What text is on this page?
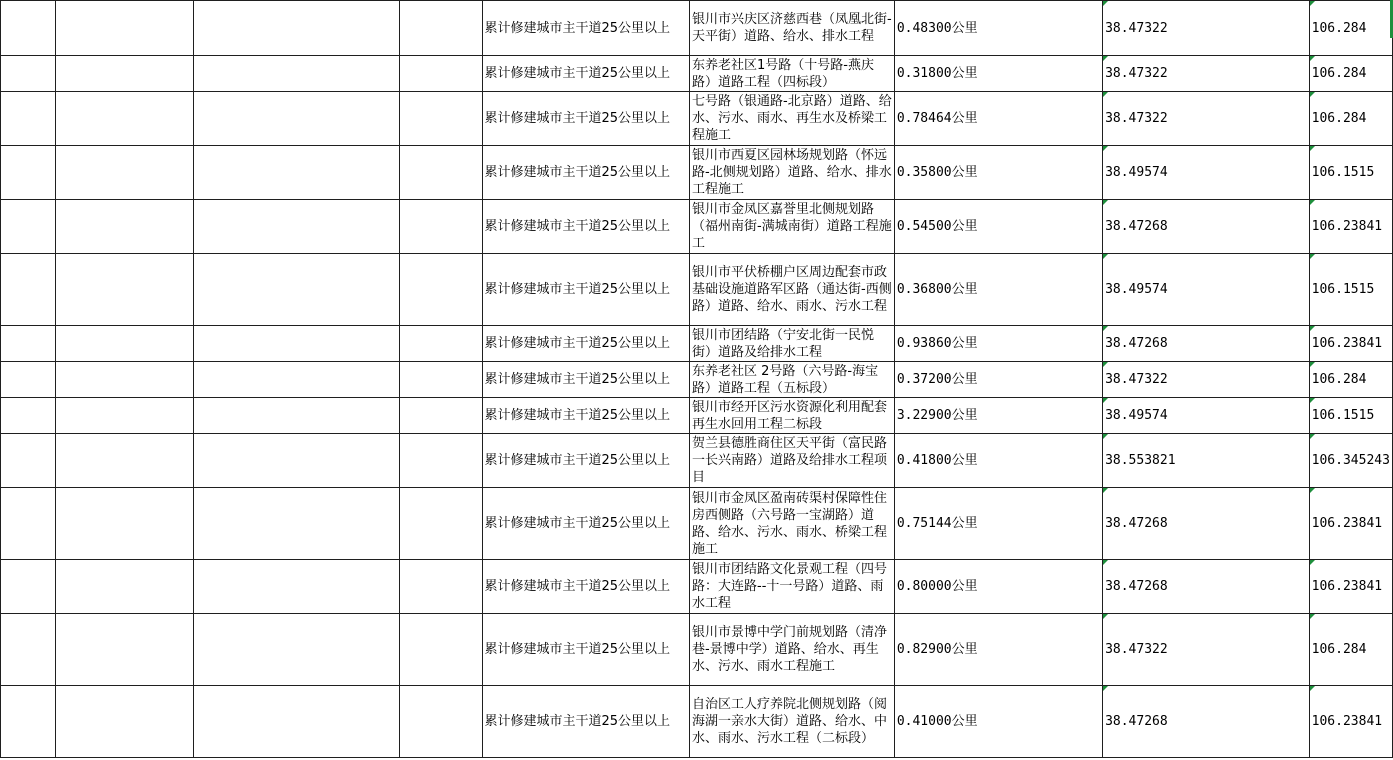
				累计修建城市主干道25公里以上	银川市兴庆区济慈西巷（凤凰北街-天平街）道路、给水、排水工程	0.48300公里	38.47322	106.284
				累计修建城市主干道25公里以上	东养老社区1号路（十号路-燕庆路）道路工程（四标段）	0.31800公里	38.47322	106.284
				累计修建城市主干道25公里以上	七号路（银通路-北京路）道路、给水、污水、雨水、再生水及桥梁工程施工	0.78464公里	38.47322	106.284
				累计修建城市主干道25公里以上	银川市西夏区园林场规划路（怀远路-北侧规划路）道路、给水、排水工程施工	0.35800公里	38.49574	106.1515
				累计修建城市主干道25公里以上	银川市金凤区嘉誉里北侧规划路（福州南街-满城南街）道路工程施工	0.54500公里	38.47268	106.23841
				累计修建城市主干道25公里以上	银川市平伏桥棚户区周边配套市政基础设施道路军区路（通达街-西侧路）道路、给水、雨水、污水工程	0.36800公里	38.49574	106.1515
				累计修建城市主干道25公里以上	银川市团结路（宁安北街一民悦街）道路及给排水工程	0.93860公里	38.47268	106.23841
				累计修建城市主干道25公里以上	东养老社区 2号路（六号路-海宝路）道路工程（五标段）	0.37200公里	38.47322	106.284
				累计修建城市主干道25公里以上	银川市经开区污水资源化利用配套再生水回用工程二标段	3.22900公里	38.49574	106.1515
				累计修建城市主干道25公里以上	贺兰县德胜商住区天平街（富民路一长兴南路）道路及给排水工程项目	0.41800公里	38.553821	106.345243
				累计修建城市主干道25公里以上	银川市金凤区盈南砖渠村保障性住房西侧路（六号路一宝湖路）道路、给水、污水、雨水、桥梁工程施工	0.75144公里	38.47268	106.23841
				累计修建城市主干道25公里以上	银川市团结路文化景观工程（四号路：大连路--十一号路）道路、雨水工程	0.80000公里	38.47268	106.23841
				累计修建城市主干道25公里以上	银川市景博中学门前规划路（清净巷-景博中学）道路、给水、再生水、污水、雨水工程施工	0.82900公里	38.47322	106.284
				累计修建城市主干道25公里以上	自治区工人疗养院北侧规划路（阅海湖一亲水大街）道路、给水、中水、雨水、污水工程（二标段）	0.41000公里	38.47268	106.23841
